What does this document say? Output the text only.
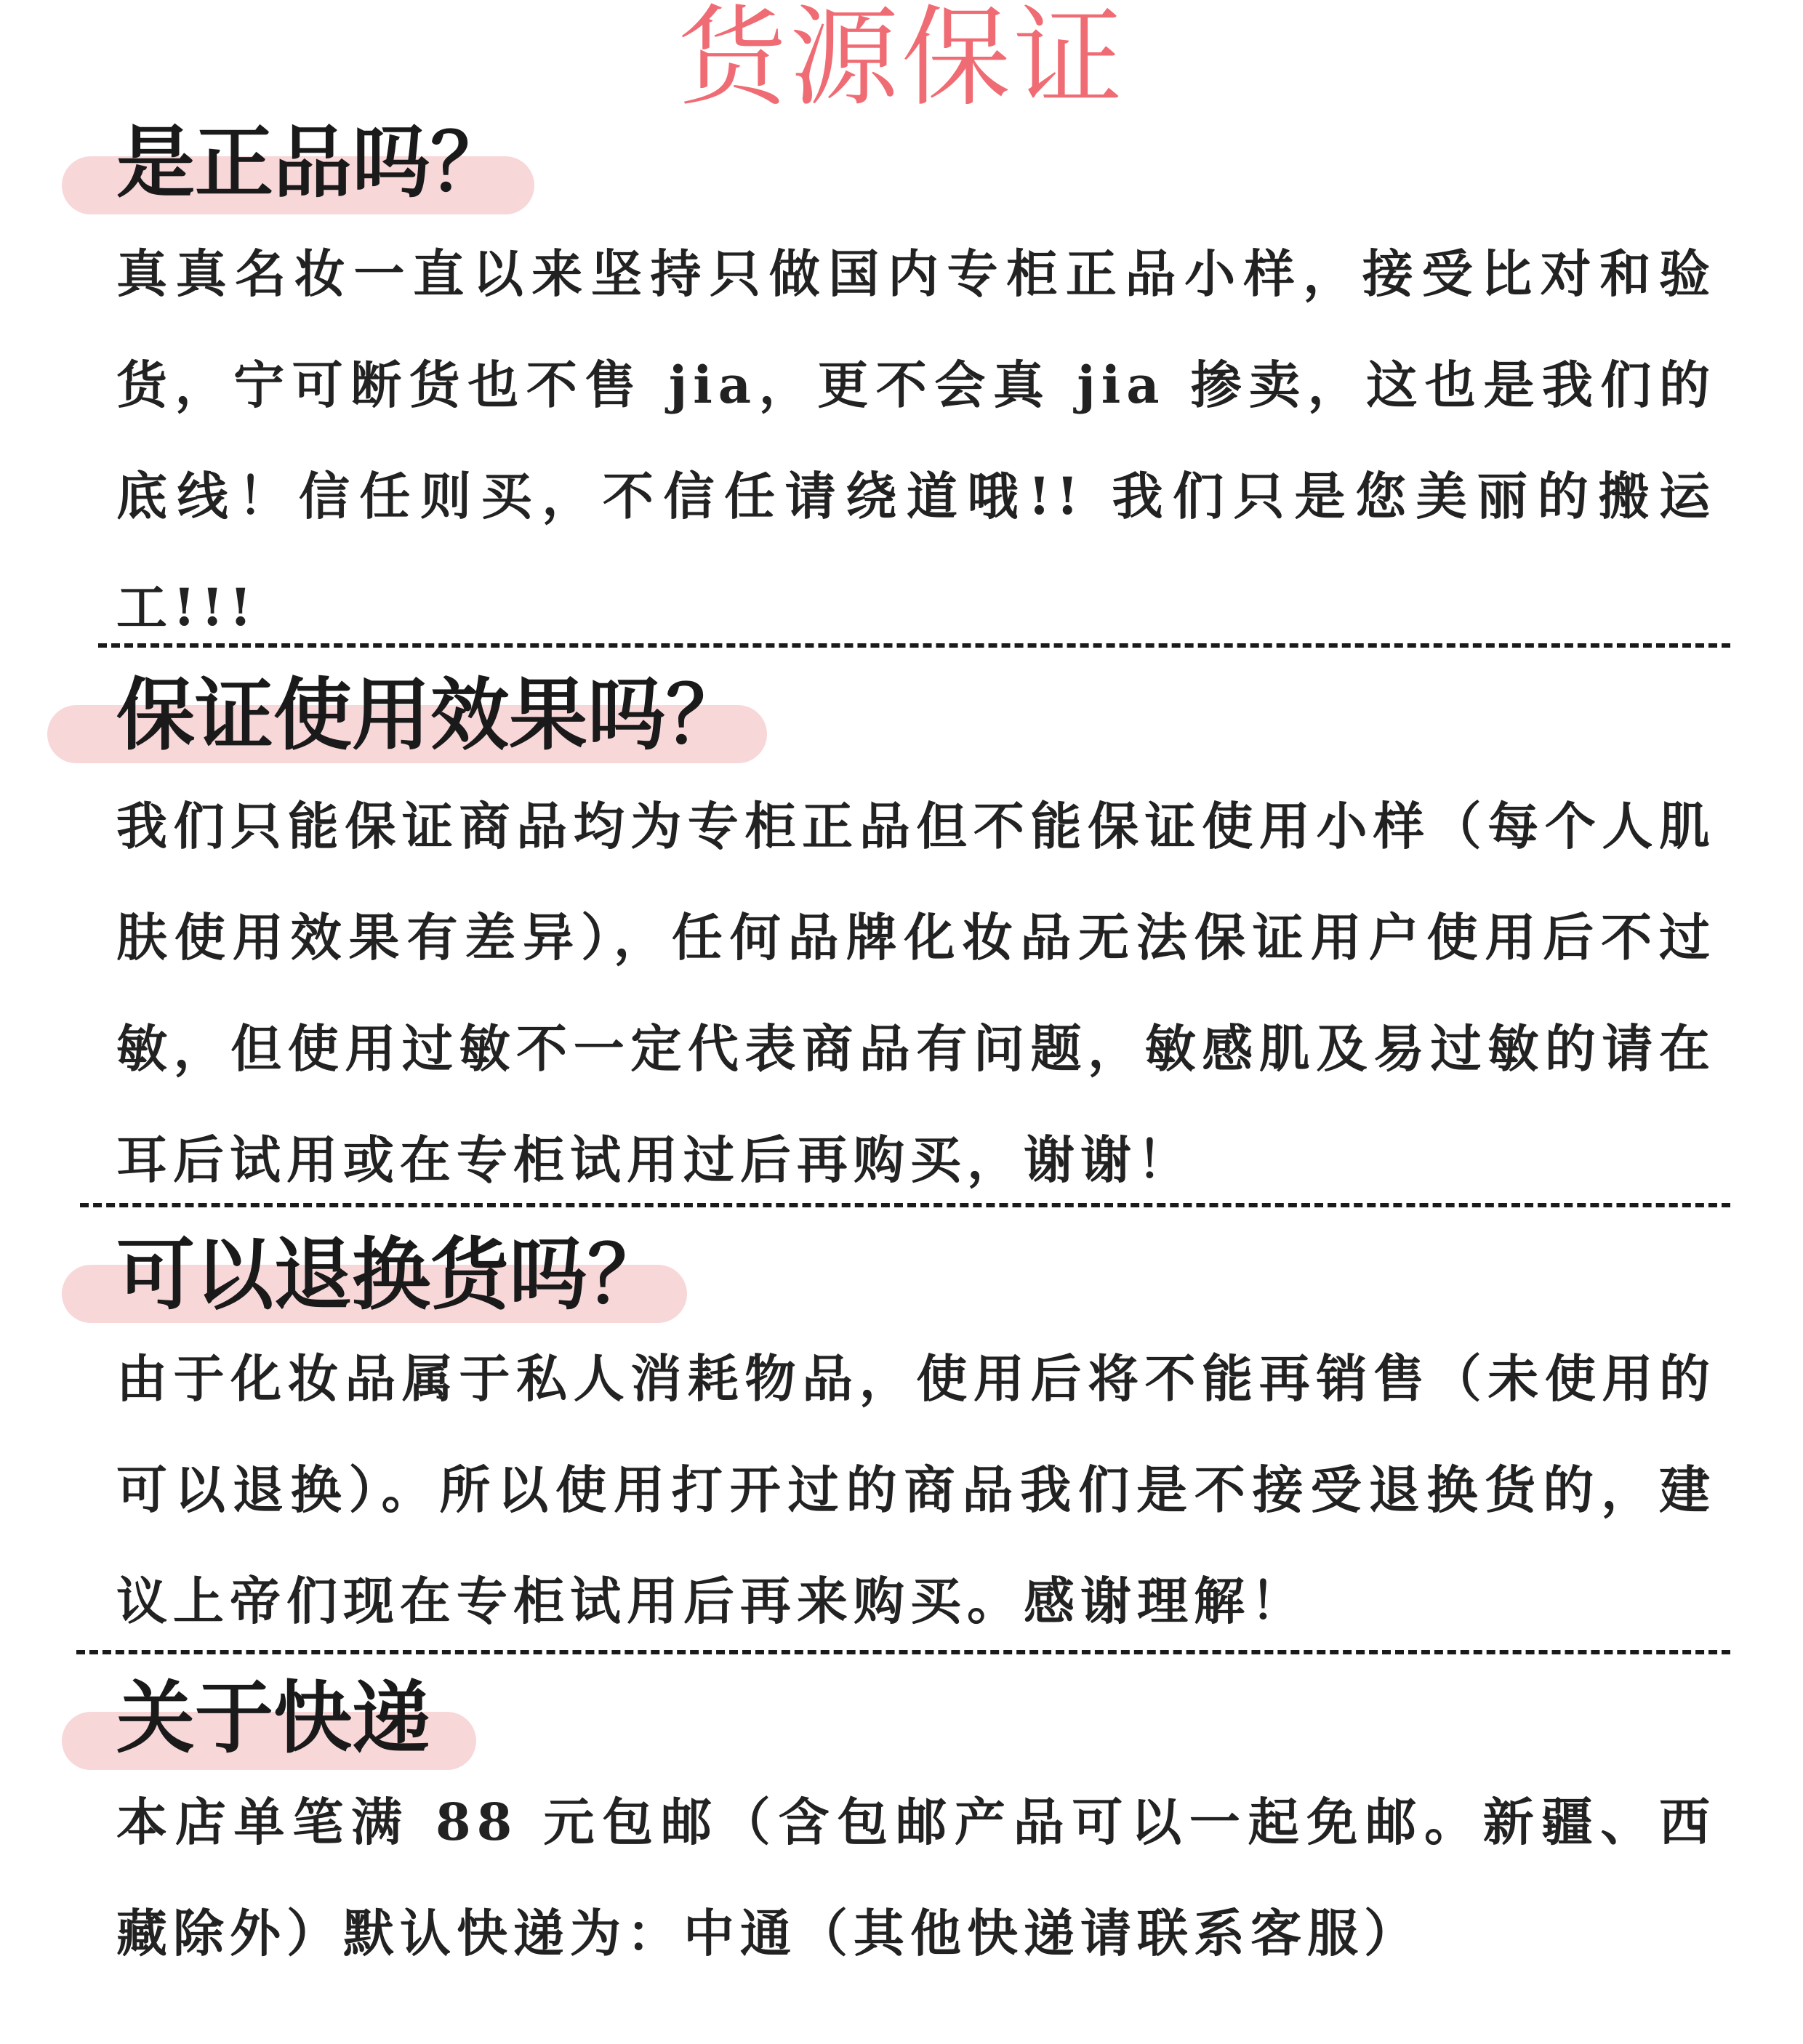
货源保证
是正品吗？
真真名妆一直以来坚持只做国内专柜正品小样，接受比对和验货，宁可断货也不售 jia，更不会真 jia 掺卖，这也是我们的底线！信任则买，不信任请绕道哦!! 我们只是您美丽的搬运工!!!
保证使用效果吗？
我们只能保证商品均为专柜正品但不能保证使用小样（每个人肌肤使用效果有差异），任何品牌化妆品无法保证用户使用后不过敏，但使用过敏不一定代表商品有问题，敏感肌及易过敏的请在耳后试用或在专柜试用过后再购买，谢谢！
可以退换货吗？
由于化妆品属于私人消耗物品，使用后将不能再销售（未使用的可以退换）。所以使用打开过的商品我们是不接受退换货的，建议上帝们现在专柜试用后再来购买。感谢理解！
关于快递
本店单笔满 88 元包邮（含包邮产品可以一起免邮。新疆、西藏除外）默认快递为：中通（其他快递请联系客服）
